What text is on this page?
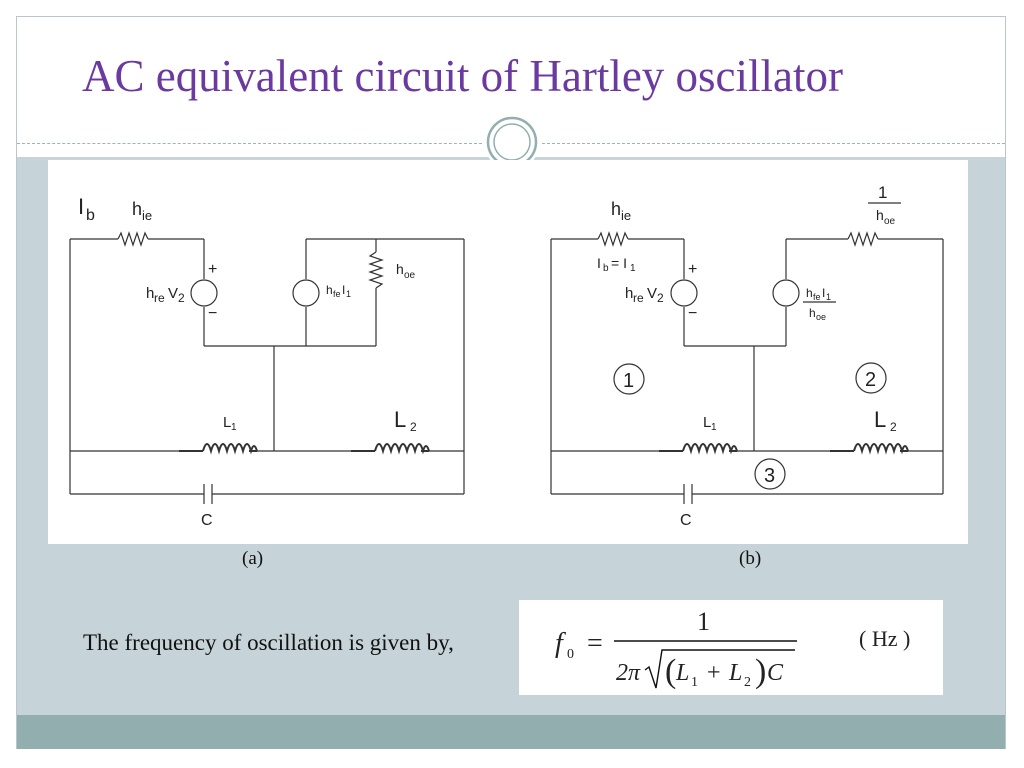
AC equivalent circuit of Hartley oscillator
I b h ie
+
−
h re V 2
h fe I 1
h oe
L 1	L 2
C
h ie
I b = I 1	+
−
h re V 2
1
h oe
h fe I 1
h oe
1	2
3
L 1	L 2
C
(a)	(b)
The frequency of oscillation is given by,	f 0 =
1
2π ( L 1 + L 2 ) C
( Hz )
